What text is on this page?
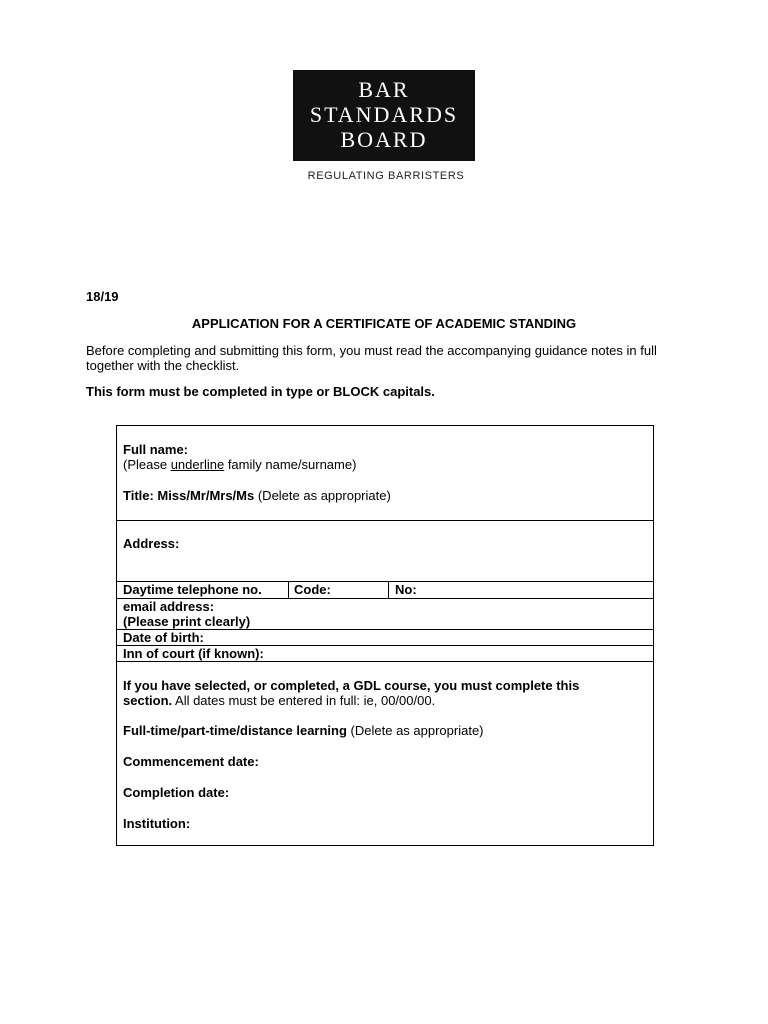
BAR
STANDARDS
BOARD
REGULATING BARRISTERS
18/19
APPLICATION FOR A CERTIFICATE OF ACADEMIC STANDING
Before completing and submitting this form, you must read the accompanying guidance notes in full together with the checklist.
This form must be completed in type or BLOCK capitals.
Full name:
(Please underline family name/surname)
Title: Miss/Mr/Mrs/Ms (Delete as appropriate)
Address:
Daytime telephone no. Code:	No:
email address:
(Please print clearly)
Date of birth:
Inn of court (if known):
If you have selected, or completed, a GDL course, you must complete this
section. All dates must be entered in full: ie, 00/00/00.
Full-time/part-time/distance learning (Delete as appropriate)
Commencement date:
Completion date:
Institution:
